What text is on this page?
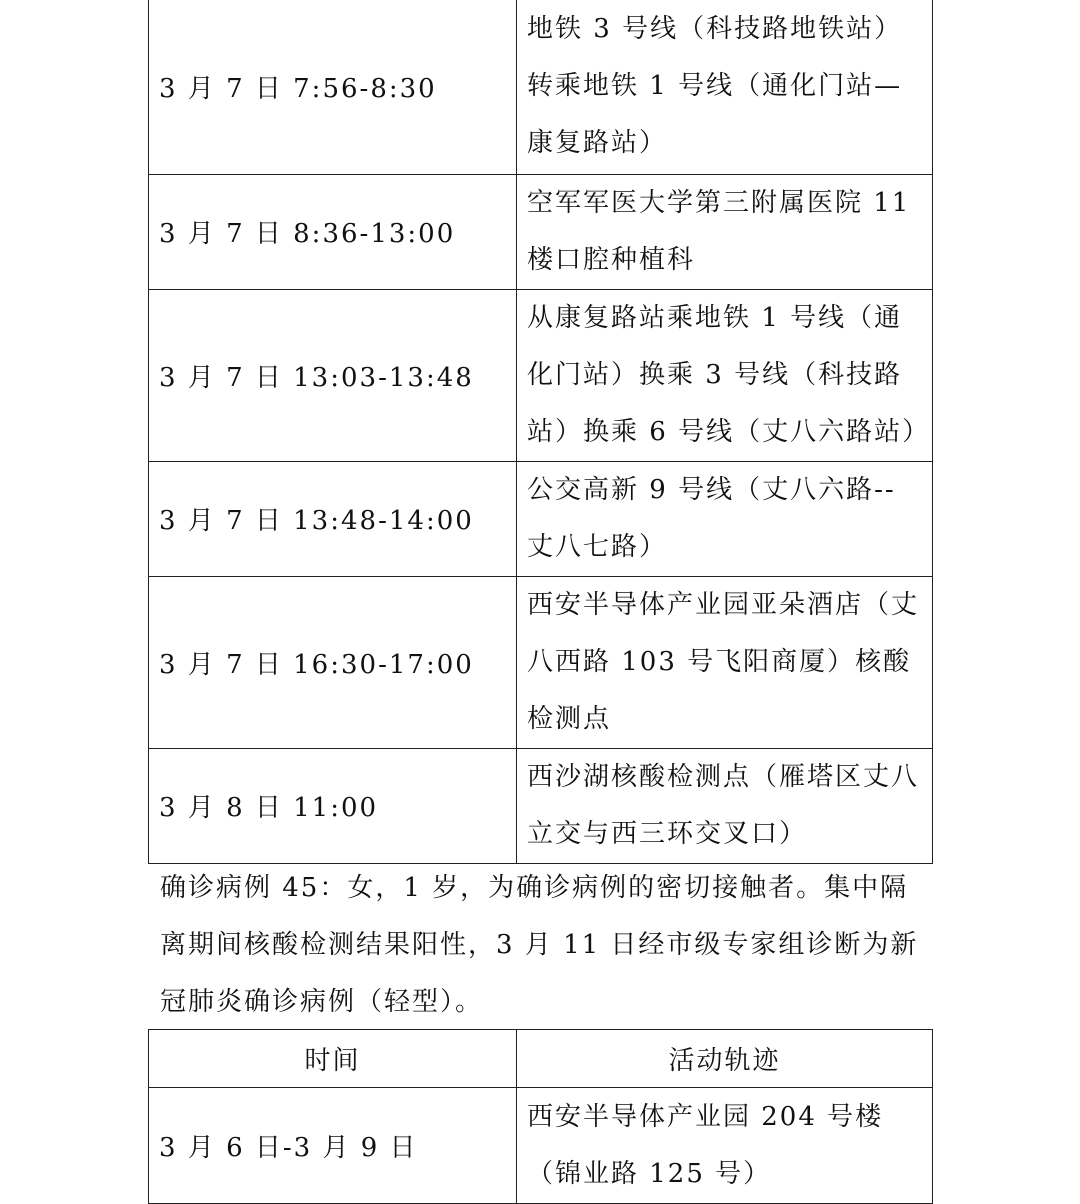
3 月 7 日 7:56-8:30	地铁 3 号线（科技路地铁站）转乘地铁 1 号线（通化门站—康复路站）
3 月 7 日 8:36-13:00	空军军医大学第三附属医院 11 楼口腔种植科
3 月 7 日 13:03-13:48	从康复路站乘地铁 1 号线（通化门站）换乘 3 号线（科技路站）换乘 6 号线（丈八六路站）
3 月 7 日 13:48-14:00	公交高新 9 号线（丈八六路--丈八七路）
3 月 7 日 16:30-17:00	西安半导体产业园亚朵酒店（丈八西路 103 号飞阳商厦）核酸检测点
3 月 8 日 11:00	西沙湖核酸检测点（雁塔区丈八立交与西三环交叉口）

确诊病例 45：女，1 岁，为确诊病例的密切接触者。集中隔离期间核酸检测结果阳性，3 月 11 日经市级专家组诊断为新冠肺炎确诊病例（轻型）。

时间	活动轨迹
3 月 6 日-3 月 9 日	西安半导体产业园 204 号楼（锦业路 125 号）
